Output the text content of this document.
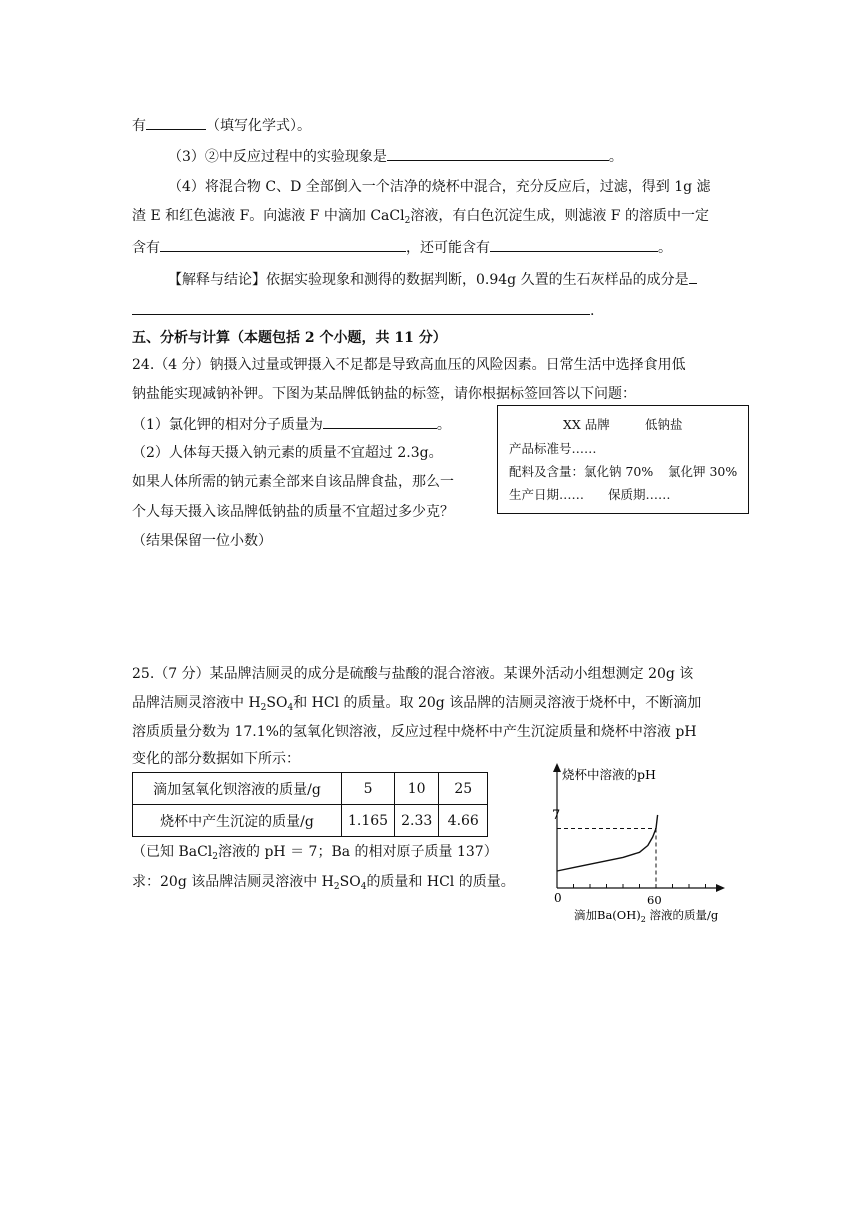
有	（填写化学式）。
（3）②中反应过程中的实验现象是	。
（4）将混合物 C、D 全部倒入一个洁净的烧杯中混合，充分反应后，过滤，得到 1g 滤
渣 E 和红色滤液 F。向滤液 F 中滴加 CaCl$_2$溶液，有白色沉淀生成，则滤液 F 的溶质中一定
含有	，还可能含有	。
【解释与结论】依据实验现象和测得的数据判断，0.94g 久置的生石灰样品的成分是
.
五、分析与计算（本题包括 2 个小题，共 11 分）
24.（4 分）钠摄入过量或钾摄入不足都是导致高血压的风险因素。日常生活中选择食用低
钠盐能实现减钠补钾。下图为某品牌低钠盐的标签，请你根据标签回答以下问题：
（1）氯化钾的相对分子质量为	。
（2）人体每天摄入钠元素的质量不宜超过 2.3g。
如果人体所需的钠元素全部来自该品牌食盐，那么一
个人每天摄入该品牌低钠盐的质量不宜超过多少克？
（结果保留一位小数）
XX 品牌	低钠盐
产品标准号……
配料及含量：氯化钠 70% 氯化钾 30%
生产日期…… 保质期……
25.（7 分）某品牌洁厕灵的成分是硫酸与盐酸的混合溶液。某课外活动小组想测定 20g 该
品牌洁厕灵溶液中 $H_2SO_4$和 HCl 的质量。取 20g 该品牌的洁厕灵溶液于烧杯中，不断滴加
溶质质量分数为 17.1%的氢氧化钡溶液，反应过程中烧杯中产生沉淀质量和烧杯中溶液 pH
变化的部分数据如下所示：
滴加氢氧化钡溶液的质量/g	5	10	25
烧杯中产生沉淀的质量/g	1.165	2.33	4.66
（已知 BaCl$_2$溶液的 pH ＝ 7；Ba 的相对原子质量 137）
求：20g 该品牌洁厕灵溶液中 $H_2SO_4$的质量和 HCl 的质量。
烧杯中溶液的pH
7
0	60
滴加$Ba(OH)_2$ 溶液的质量/g
